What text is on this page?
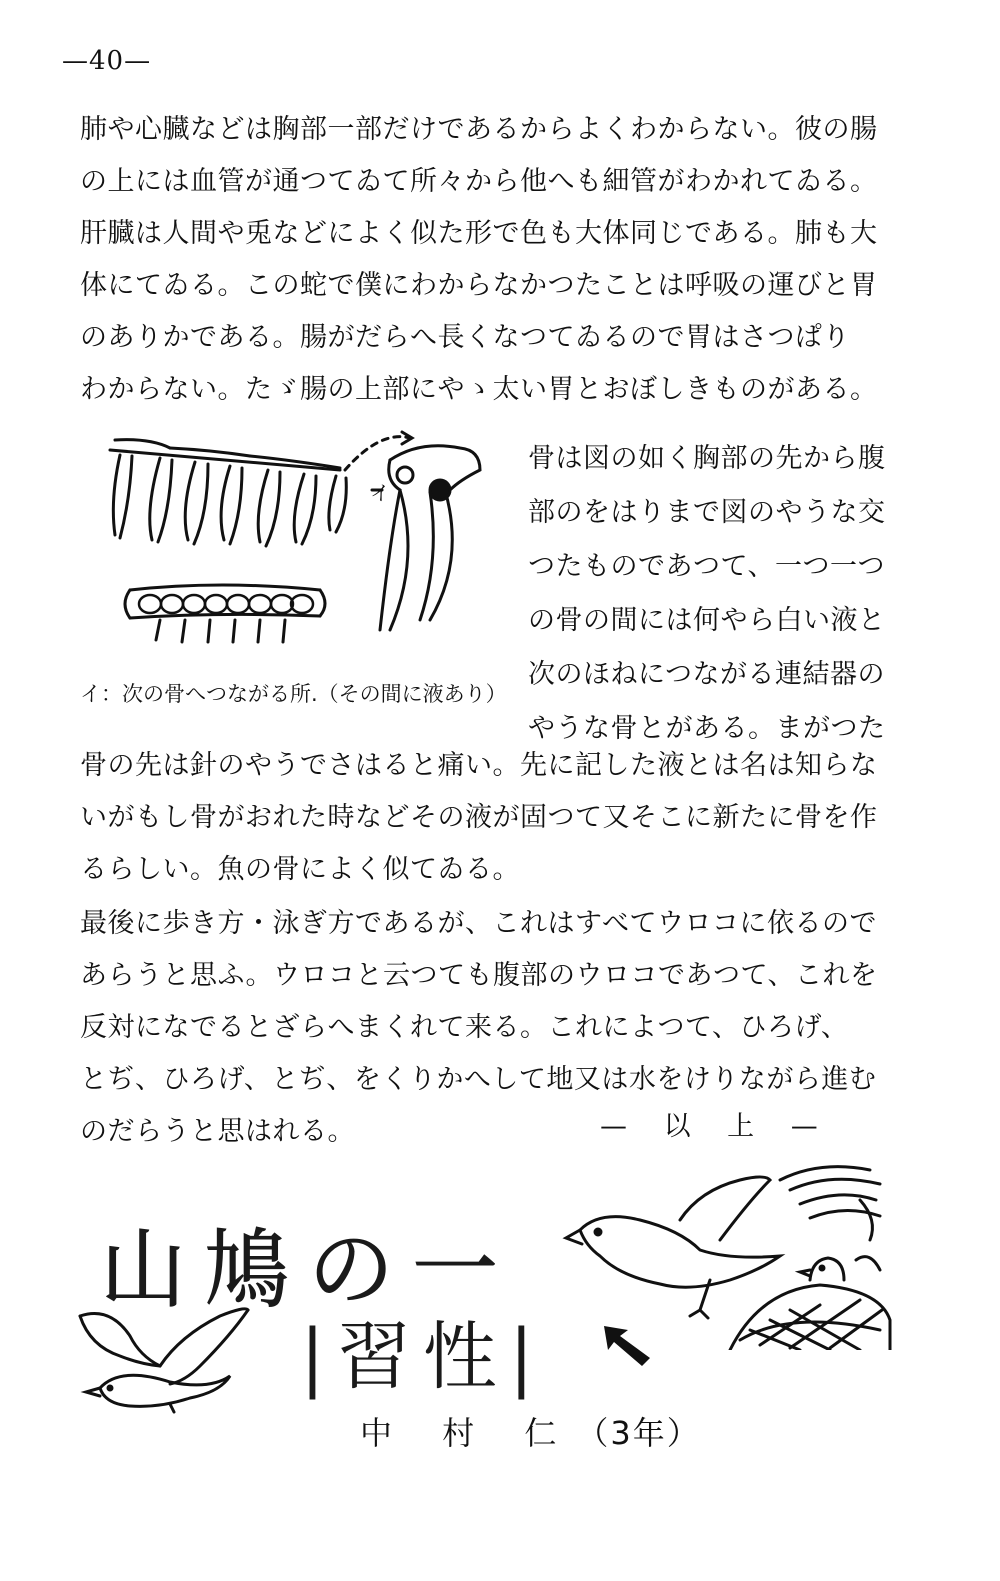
—40—
肺や心臓などは胸部一部だけであるからよくわからない。彼の腸
の上には血管が通つてゐて所々から他へも細管がわかれてゐる。
肝臓は人間や兎などによく似た形で色も大体同じである。肺も大
体にてゐる。この蛇で僕にわからなかつたことは呼吸の運びと胃
のありかである。腸がだらへ長くなつてゐるので胃はさつぱり
わからない。たゞ腸の上部にやゝ太い胃とおぼしきものがある。
イ
骨は図の如く胸部の先から腹
部のをはりまで図のやうな交
つたものであつて、一つ一つ
の骨の間には何やら白い液と
次のほねにつながる連結器の
やうな骨とがある。まがつた
イ：次の骨へつながる所.（その間に液あり）
骨の先は針のやうでさはると痛い。先に記した液とは名は知らな
いがもし骨がおれた時などその液が固つて又そこに新たに骨を作
るらしい。魚の骨によく似てゐる。
最後に歩き方・泳ぎ方であるが、これはすべてウロコに依るので
あらうと思ふ。ウロコと云つても腹部のウロコであつて、これを
反対になでるとざらへまくれて来る。これによつて、ひろげ、
とぢ、ひろげ、とぢ、をくりかへして地又は水をけりながら進む
のだらうと思はれる。	— 以 上 —
山鳩の一
|習性|
中 村 仁（3年）
